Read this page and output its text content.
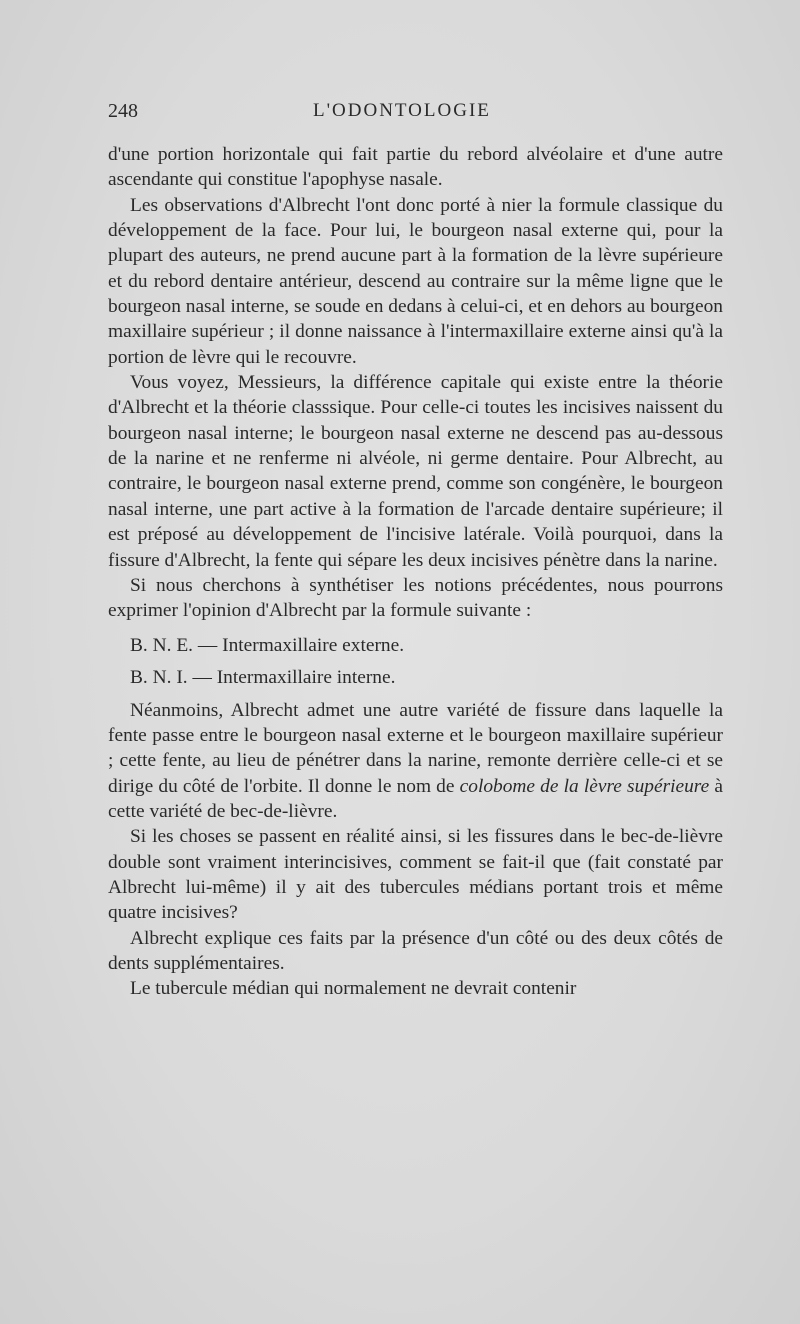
248	L'ODONTOLOGIE

d'une portion horizontale qui fait partie du rebord alvéolaire et d'une autre ascendante qui constitue l'apophyse nasale.

Les observations d'Albrecht l'ont donc porté à nier la formule classique du développement de la face. Pour lui, le bourgeon nasal externe qui, pour la plupart des auteurs, ne prend aucune part à la formation de la lèvre supérieure et du rebord dentaire antérieur, descend au contraire sur la même ligne que le bourgeon nasal interne, se soude en dedans à celui-ci, et en dehors au bourgeon maxillaire supérieur ; il donne naissance à l'intermaxillaire externe ainsi qu'à la portion de lèvre qui le recouvre.

Vous voyez, Messieurs, la différence capitale qui existe entre la théorie d'Albrecht et la théorie classsique. Pour celle-ci toutes les incisives naissent du bourgeon nasal interne; le bourgeon nasal externe ne descend pas au-dessous de la narine et ne renferme ni alvéole, ni germe dentaire. Pour Albrecht, au contraire, le bourgeon nasal externe prend, comme son congénère, le bourgeon nasal interne, une part active à la formation de l'arcade dentaire supérieure; il est préposé au développement de l'incisive latérale. Voilà pourquoi, dans la fissure d'Albrecht, la fente qui sépare les deux incisives pénètre dans la narine.

Si nous cherchons à synthétiser les notions précédentes, nous pourrons exprimer l'opinion d'Albrecht par la formule suivante :

B. N. E. — Intermaxillaire externe.
B. N. I. — Intermaxillaire interne.

Néanmoins, Albrecht admet une autre variété de fissure dans laquelle la fente passe entre le bourgeon nasal externe et le bourgeon maxillaire supérieur ; cette fente, au lieu de pénétrer dans la narine, remonte derrière celle-ci et se dirige du côté de l'orbite. Il donne le nom de colobome de la lèvre supérieure à cette variété de bec-de-lièvre.

Si les choses se passent en réalité ainsi, si les fissures dans le bec-de-lièvre double sont vraiment interincisives, comment se fait-il que (fait constaté par Albrecht lui-même) il y ait des tubercules médians portant trois et même quatre incisives?

Albrecht explique ces faits par la présence d'un côté ou des deux côtés de dents supplémentaires.

Le tubercule médian qui normalement ne devrait contenir
